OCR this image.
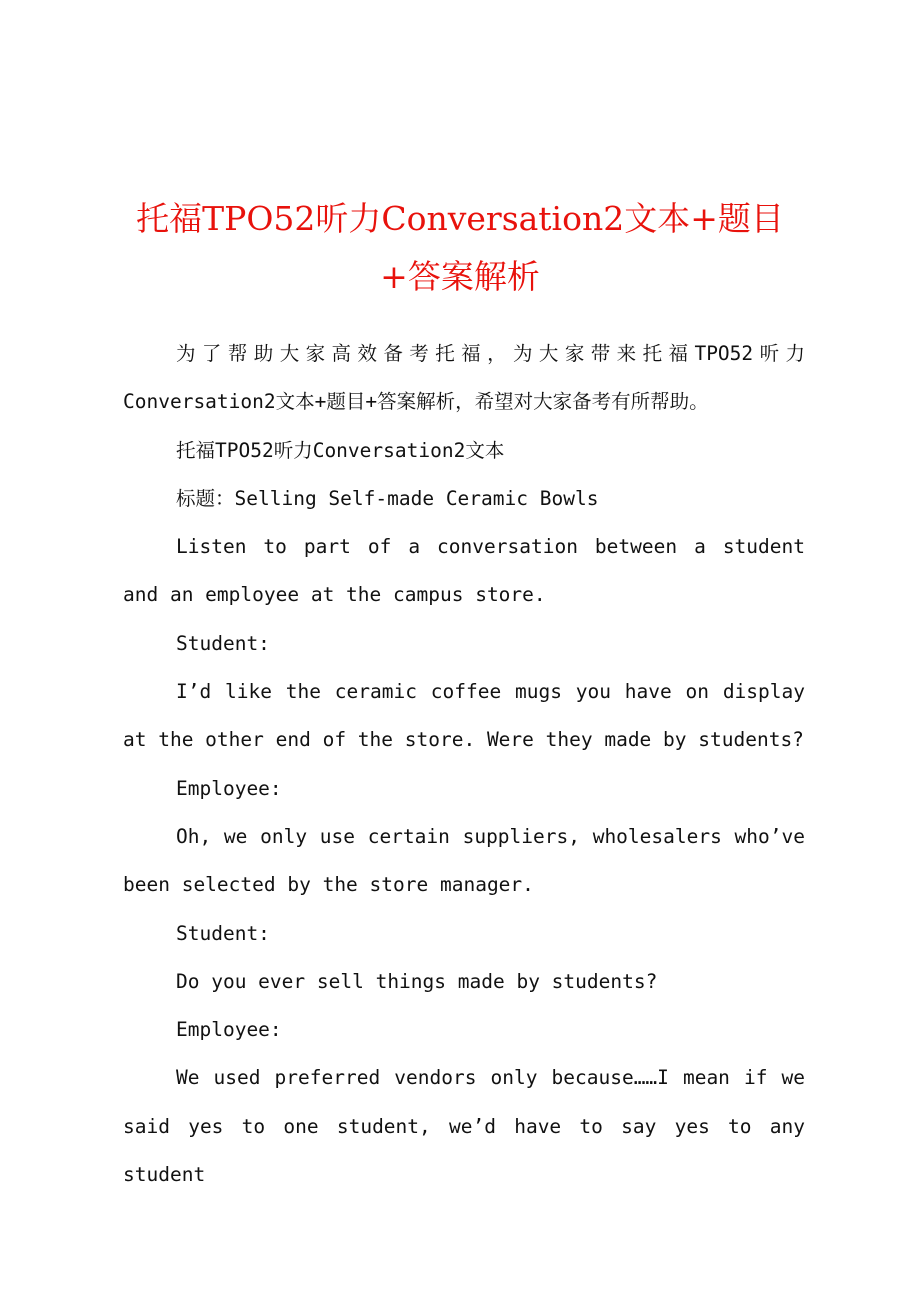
托福TPO52听力Conversation2文本+题目+答案解析

为了帮助大家高效备考托福，为大家带来托福TPO52听力Conversation2文本+题目+答案解析，希望对大家备考有所帮助。

托福TPO52听力Conversation2文本

标题：Selling Self-made Ceramic Bowls

Listen to part of a conversation between a student and an employee at the campus store.

Student:

I’d like the ceramic coffee mugs you have on display at the other end of the store. Were they made by students?

Employee:

Oh, we only use certain suppliers, wholesalers who’ve been selected by the store manager.

Student:

Do you ever sell things made by students?

Employee:

We used preferred vendors only because……I mean if we said yes to one student, we’d have to say yes to any student
